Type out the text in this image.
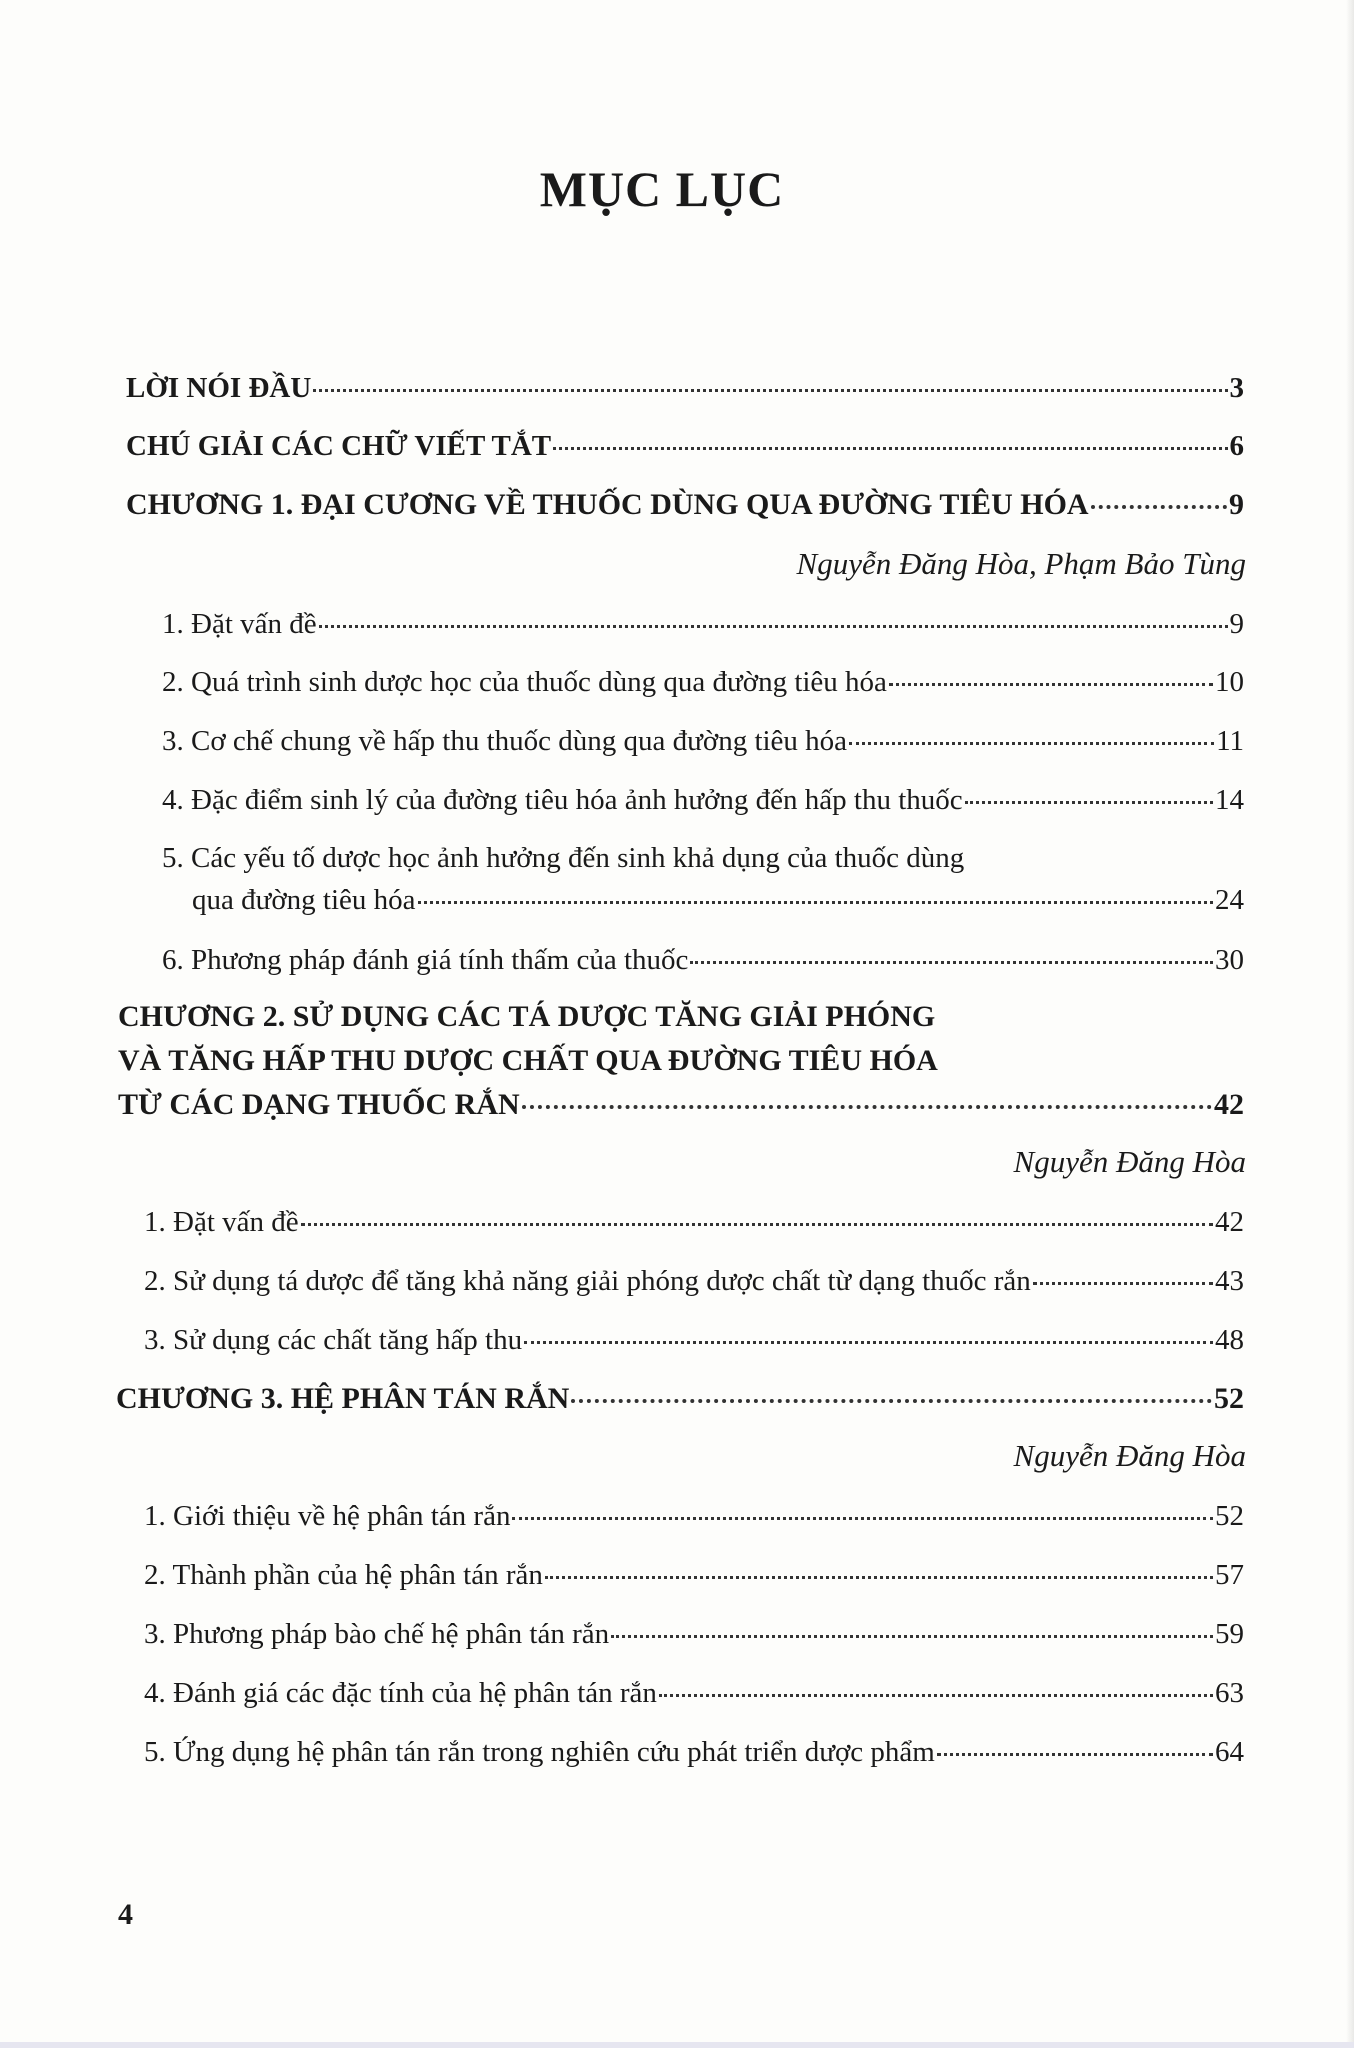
MỤC LỤC
LỜI NÓI ĐẦU	3
CHÚ GIẢI CÁC CHỮ VIẾT TẮT	6
CHƯƠNG 1. ĐẠI CƯƠNG VỀ THUỐC DÙNG QUA ĐƯỜNG TIÊU HÓA	9
Nguyễn Đăng Hòa, Phạm Bảo Tùng
1. Đặt vấn đề	9
2. Quá trình sinh dược học của thuốc dùng qua đường tiêu hóa	10
3. Cơ chế chung về hấp thu thuốc dùng qua đường tiêu hóa	11
4. Đặc điểm sinh lý của đường tiêu hóa ảnh hưởng đến hấp thu thuốc	14
5. Các yếu tố dược học ảnh hưởng đến sinh khả dụng của thuốc dùng
qua đường tiêu hóa	24
6. Phương pháp đánh giá tính thấm của thuốc	30
CHƯƠNG 2. SỬ DỤNG CÁC TÁ DƯỢC TĂNG GIẢI PHÓNG
VÀ TĂNG HẤP THU DƯỢC CHẤT QUA ĐƯỜNG TIÊU HÓA
TỪ CÁC DẠNG THUỐC RẮN	42
Nguyễn Đăng Hòa
1. Đặt vấn đề	42
2. Sử dụng tá dược để tăng khả năng giải phóng dược chất từ dạng thuốc rắn	43
3. Sử dụng các chất tăng hấp thu	48
CHƯƠNG 3. HỆ PHÂN TÁN RẮN	52
Nguyễn Đăng Hòa
1. Giới thiệu về hệ phân tán rắn	52
2. Thành phần của hệ phân tán rắn	57
3. Phương pháp bào chế hệ phân tán rắn	59
4. Đánh giá các đặc tính của hệ phân tán rắn	63
5. Ứng dụng hệ phân tán rắn trong nghiên cứu phát triển dược phẩm	64
4
